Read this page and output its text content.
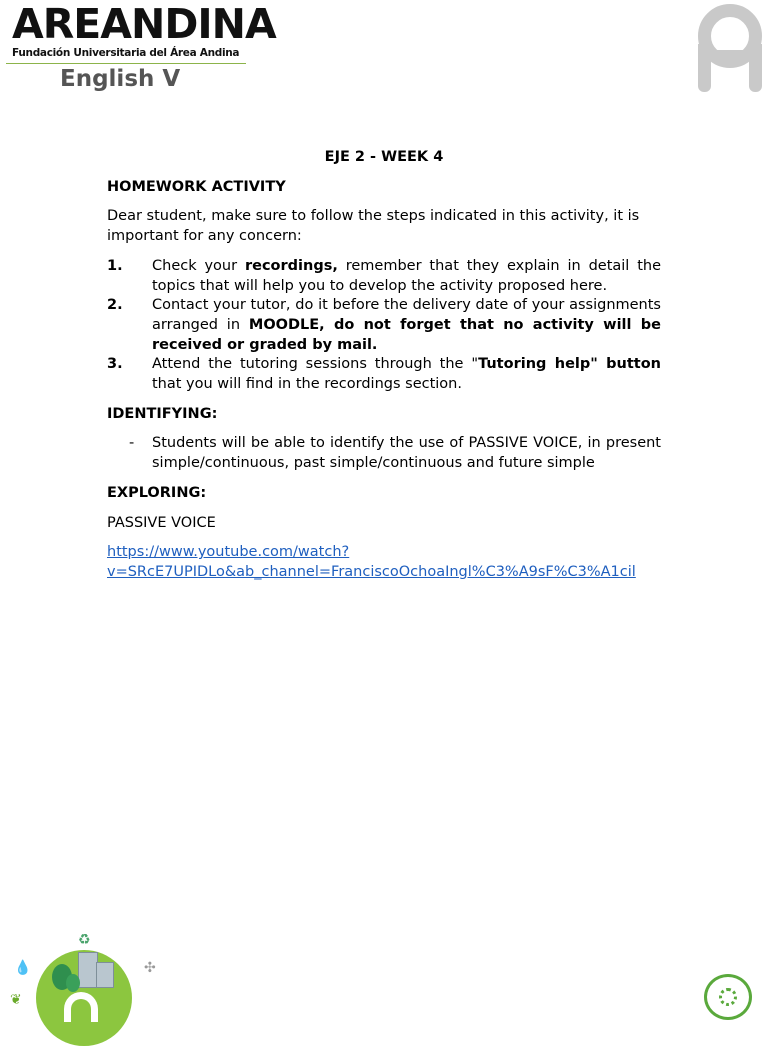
AREANDINA
Fundación Universitaria del Área Andina
English V
EJE 2 - WEEK 4
HOMEWORK ACTIVITY
Dear student, make sure to follow the steps indicated in this activity, it is important for any concern:
1. Check your recordings, remember that they explain in detail the topics that will help you to develop the activity proposed here.
2. Contact your tutor, do it before the delivery date of your assignments arranged in MOODLE, do not forget that no activity will be received or graded by mail.
3. Attend the tutoring sessions through the "Tutoring help" button that you will find in the recordings section.
IDENTIFYING:
- Students will be able to identify the use of PASSIVE VOICE, in present simple/continuous, past simple/continuous and future simple
EXPLORING:
PASSIVE VOICE
https://www.youtube.com/watch?
v=SRcE7UPIDLo&ab_channel=FranciscoOchoaIngl%C3%A9sF%C3%A1cil
♻
❦
💧	✣
